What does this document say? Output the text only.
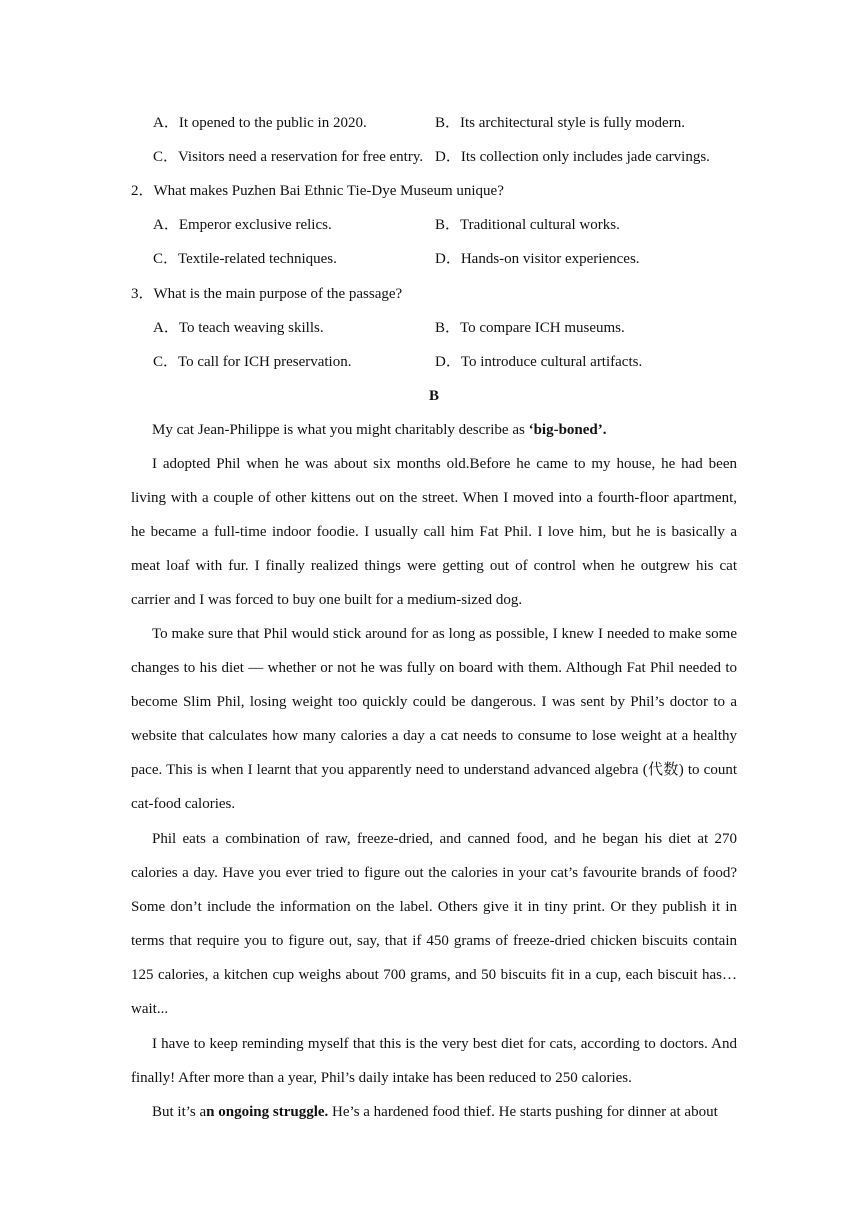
A．It opened to the public in 2020.	B．Its architectural style is fully modern.
C．Visitors need a reservation for free entry. D．Its collection only includes jade carvings.
2．What makes Puzhen Bai Ethnic Tie-Dye Museum unique?
A．Emperor exclusive relics.	B．Traditional cultural works.
C．Textile-related techniques.	D．Hands-on visitor experiences.
3．What is the main purpose of the passage?
A．To teach weaving skills.	B．To compare ICH museums.
C．To call for ICH preservation.	D．To introduce cultural artifacts.
B

My cat Jean-Philippe is what you might charitably describe as ‘big-boned’.

I adopted Phil when he was about six months old.Before he came to my house, he had been living with a couple of other kittens out on the street. When I moved into a fourth-floor apartment, he became a full-time indoor foodie. I usually call him Fat Phil. I love him, but he is basically a meat loaf with fur. I finally realized things were getting out of control when he outgrew his cat carrier and I was forced to buy one built for a medium-sized dog.

To make sure that Phil would stick around for as long as possible, I knew I needed to make some changes to his diet — whether or not he was fully on board with them. Although Fat Phil needed to become Slim Phil, losing weight too quickly could be dangerous. I was sent by Phil’s doctor to a website that calculates how many calories a day a cat needs to consume to lose weight at a healthy pace. This is when I learnt that you apparently need to understand advanced algebra (代数) to count cat-food calories.

Phil eats a combination of raw, freeze-dried, and canned food, and he began his diet at 270 calories a day. Have you ever tried to figure out the calories in your cat’s favourite brands of food? Some don’t include the information on the label. Others give it in tiny print. Or they publish it in terms that require you to figure out, say, that if 450 grams of freeze-dried chicken biscuits contain 125 calories, a kitchen cup weighs about 700 grams, and 50 biscuits fit in a cup, each biscuit has…wait...

I have to keep reminding myself that this is the very best diet for cats, according to doctors. And finally! After more than a year, Phil’s daily intake has been reduced to 250 calories.

But it’s an ongoing struggle. He’s a hardened food thief. He starts pushing for dinner at about
